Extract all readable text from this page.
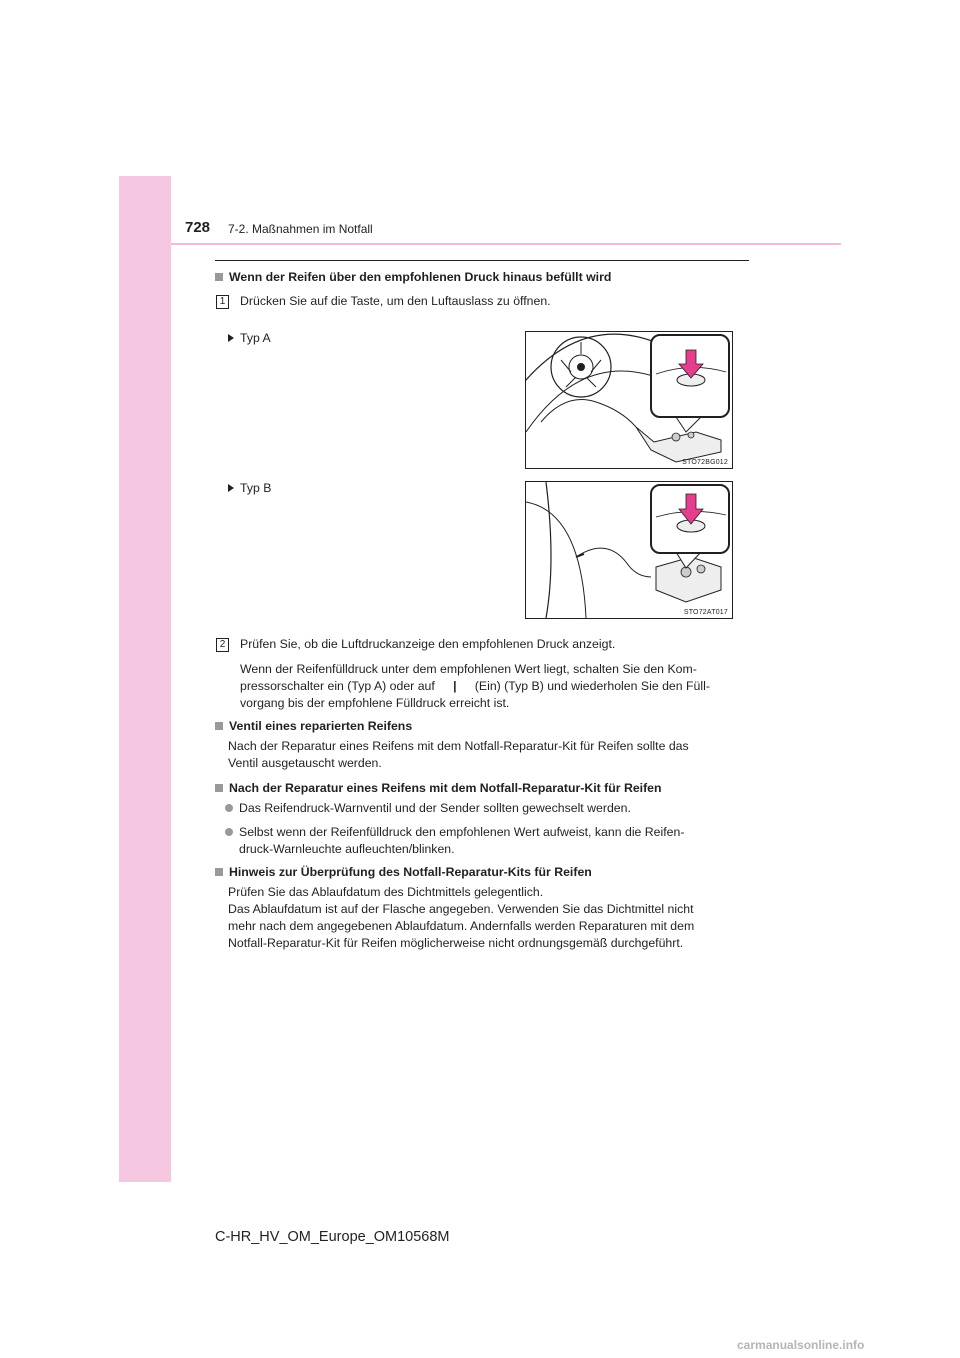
728 7-2. Maßnahmen im Notfall
Wenn der Reifen über den empfohlenen Druck hinaus befüllt wird
1	Drücken Sie auf die Taste, um den Luftauslass zu öffnen.
Typ A
STO72BG012
Typ B
STO72AT017
2	Prüfen Sie, ob die Luftdruckanzeige den empfohlenen Druck anzeigt.
Wenn der Reifenfülldruck unter dem empfohlenen Wert liegt, schalten Sie den Kom-
pressorschalter ein (Typ A) oder auf | (Ein) (Typ B) und wiederholen Sie den Füll-
vorgang bis der empfohlene Fülldruck erreicht ist.
Ventil eines reparierten Reifens
Nach der Reparatur eines Reifens mit dem Notfall-Reparatur-Kit für Reifen sollte das
Ventil ausgetauscht werden.
Nach der Reparatur eines Reifens mit dem Notfall-Reparatur-Kit für Reifen
Das Reifendruck-Warnventil und der Sender sollten gewechselt werden.
Selbst wenn der Reifenfülldruck den empfohlenen Wert aufweist, kann die Reifen-
druck-Warnleuchte aufleuchten/blinken.
Hinweis zur Überprüfung des Notfall-Reparatur-Kits für Reifen
Prüfen Sie das Ablaufdatum des Dichtmittels gelegentlich.
Das Ablaufdatum ist auf der Flasche angegeben. Verwenden Sie das Dichtmittel nicht
mehr nach dem angegebenen Ablaufdatum. Andernfalls werden Reparaturen mit dem
Notfall-Reparatur-Kit für Reifen möglicherweise nicht ordnungsgemäß durchgeführt.
C-HR_HV_OM_Europe_OM10568M
carmanualsonline.info
